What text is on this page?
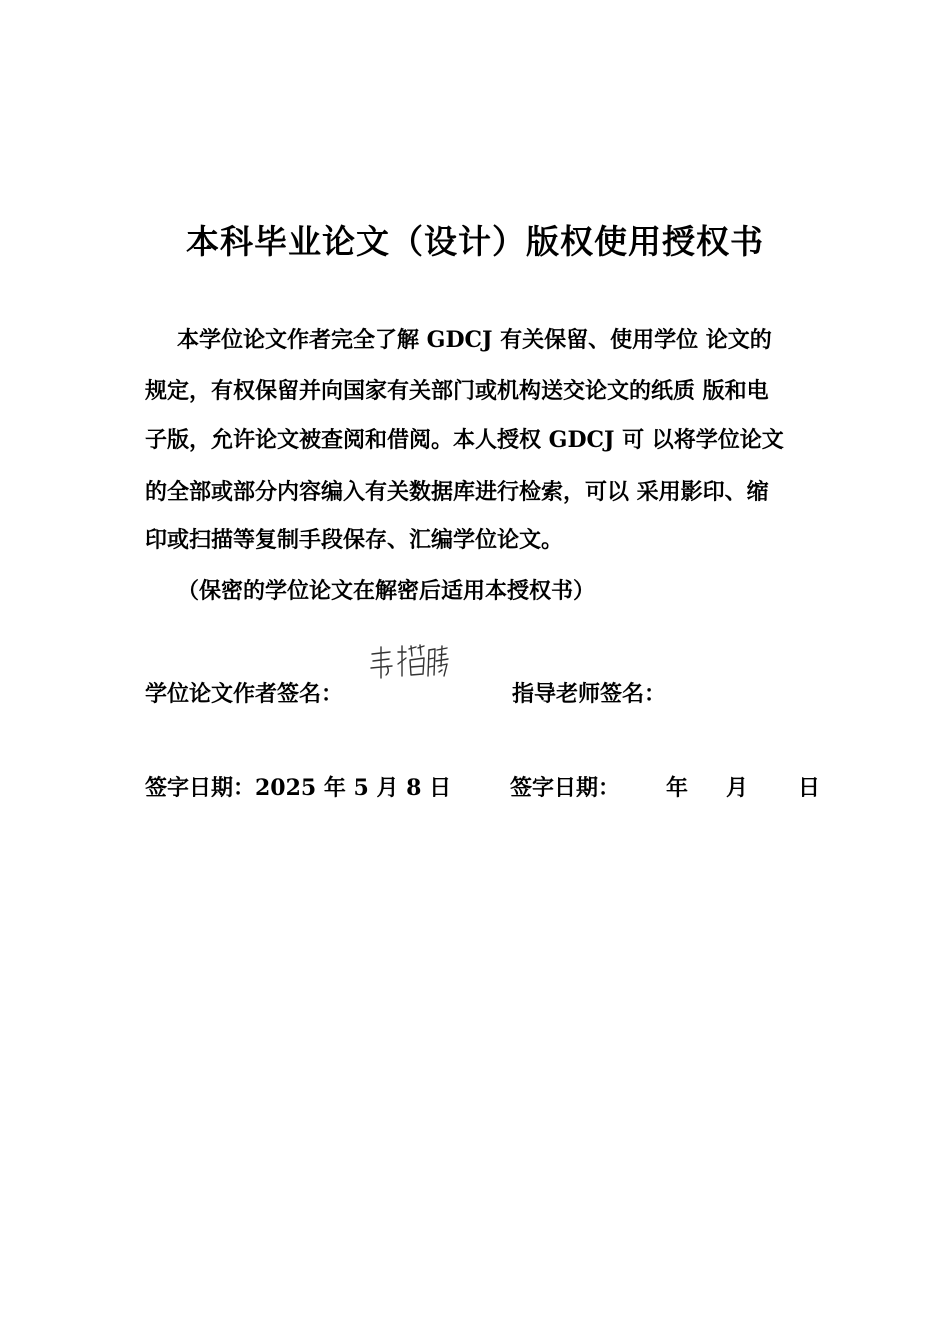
本科毕业论文（设计）版权使用授权书
本学位论文作者完全了解 GDCJ 有关保留、使用学位 论文的
规定，有权保留并向国家有关部门或机构送交论文的纸质 版和电
子版，允许论文被查阅和借阅。本人授权 GDCJ 可 以将学位论文
的全部或部分内容编入有关数据库进行检索，可以 采用影印、缩
印或扫描等复制手段保存、汇编学位论文。
（保密的学位论文在解密后适用本授权书）
学位论文作者签名：	指导老师签名：
签字日期：2025 年 5 月 8 日	签字日期： 年 月 日
